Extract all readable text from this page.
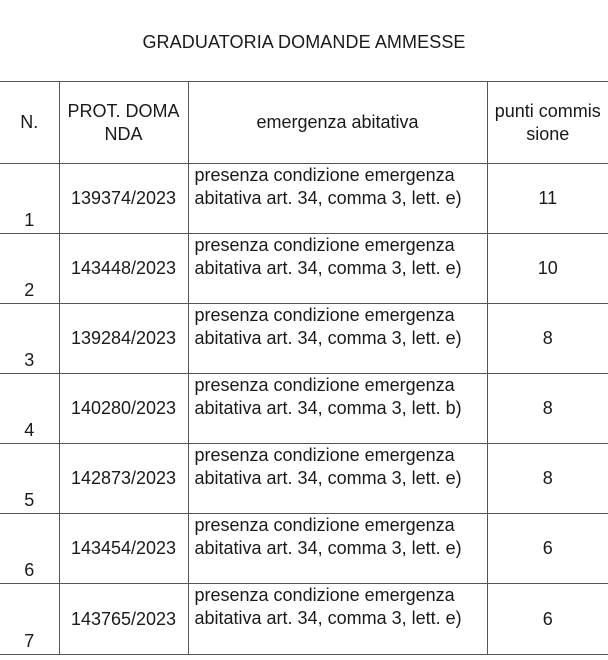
GRADUATORIA DOMANDE AMMESSE
N.	PROT. DOMANDA	emergenza abitativa	punti commissione

1	139374/2023	presenza condizione emergenza abitativa art. 34, comma 3, lett. e)	11
2	143448/2023	presenza condizione emergenza abitativa art. 34, comma 3, lett. e)	10
3	139284/2023	presenza condizione emergenza abitativa art. 34, comma 3, lett. e)	8
4	140280/2023	presenza condizione emergenza abitativa art. 34, comma 3, lett. b)	8
5	142873/2023	presenza condizione emergenza abitativa art. 34, comma 3, lett. e)	8
6	143454/2023	presenza condizione emergenza abitativa art. 34, comma 3, lett. e)	6
7	143765/2023	presenza condizione emergenza abitativa art. 34, comma 3, lett. e)	6
